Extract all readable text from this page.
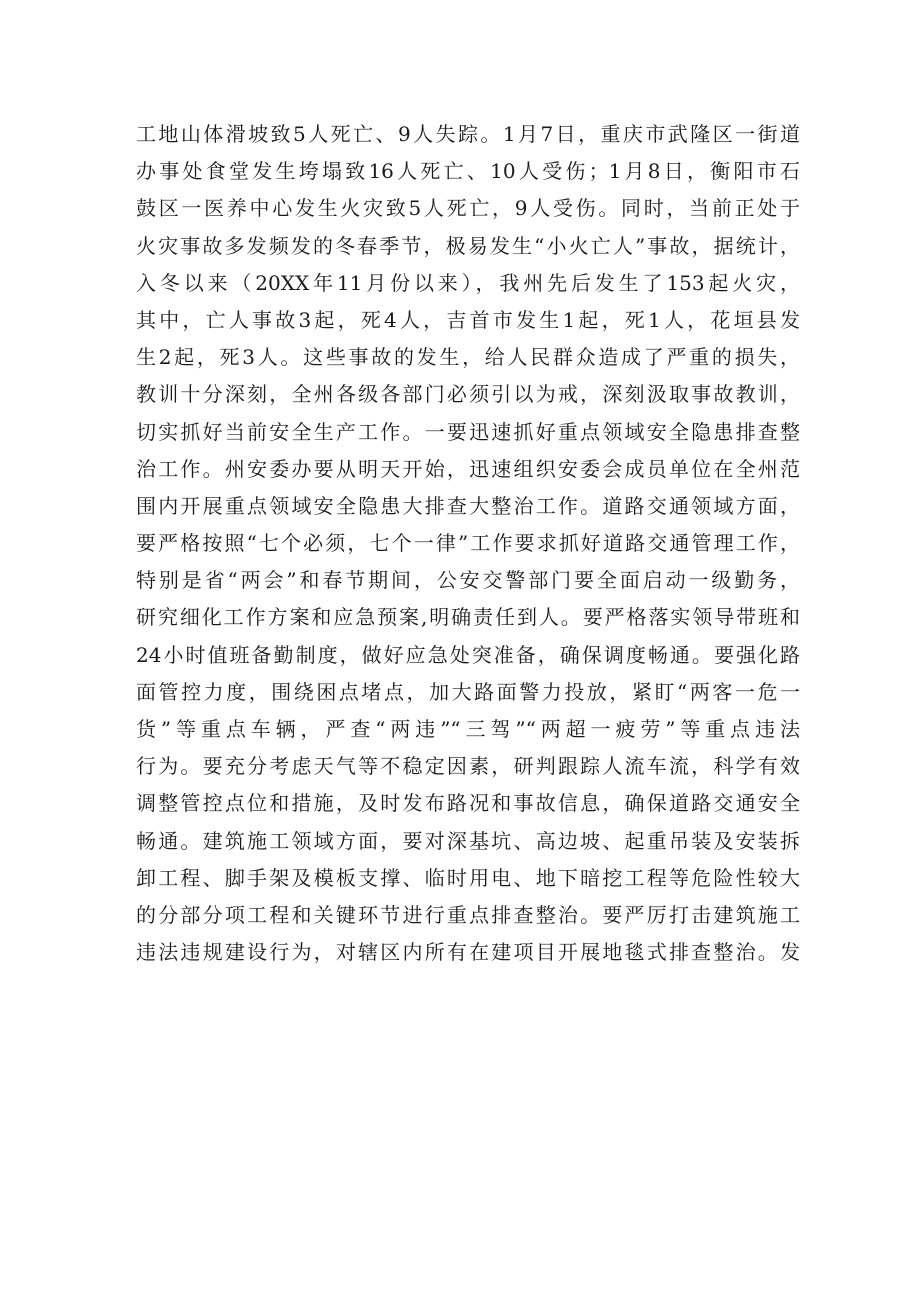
工地山体滑坡致5人死亡、9人失踪。1月7日，重庆市武隆区一街道
办事处食堂发生垮塌致16人死亡、10人受伤；1月8日，衡阳市石
鼓区一医养中心发生火灾致5人死亡，9人受伤。同时，当前正处于
火灾事故多发频发的冬春季节，极易发生“小火亡人”事故，据统计，
入冬以来（20XX年11月份以来），我州先后发生了153起火灾，
其中，亡人事故3起，死4人，吉首市发生1起，死1人，花垣县发
生2起，死3人。这些事故的发生，给人民群众造成了严重的损失，
教训十分深刻，全州各级各部门必须引以为戒，深刻汲取事故教训，
切实抓好当前安全生产工作。一要迅速抓好重点领域安全隐患排查整
治工作。州安委办要从明天开始，迅速组织安委会成员单位在全州范
围内开展重点领域安全隐患大排查大整治工作。道路交通领域方面，
要严格按照“七个必须，七个一律”工作要求抓好道路交通管理工作，
特别是省“两会”和春节期间，公安交警部门要全面启动一级勤务，
研究细化工作方案和应急预案,明确责任到人。要严格落实领导带班和
24小时值班备勤制度，做好应急处突准备，确保调度畅通。要强化路
面管控力度，围绕困点堵点，加大路面警力投放，紧盯“两客一危一
货”等重点车辆，严查“两违”“三驾”“两超一疲劳”等重点违法
行为。要充分考虑天气等不稳定因素，研判跟踪人流车流，科学有效
调整管控点位和措施，及时发布路况和事故信息，确保道路交通安全
畅通。建筑施工领域方面，要对深基坑、高边坡、起重吊装及安装拆
卸工程、脚手架及模板支撑、临时用电、地下暗挖工程等危险性较大
的分部分项工程和关键环节进行重点排查整治。要严厉打击建筑施工
违法违规建设行为，对辖区内所有在建项目开展地毯式排查整治。发
